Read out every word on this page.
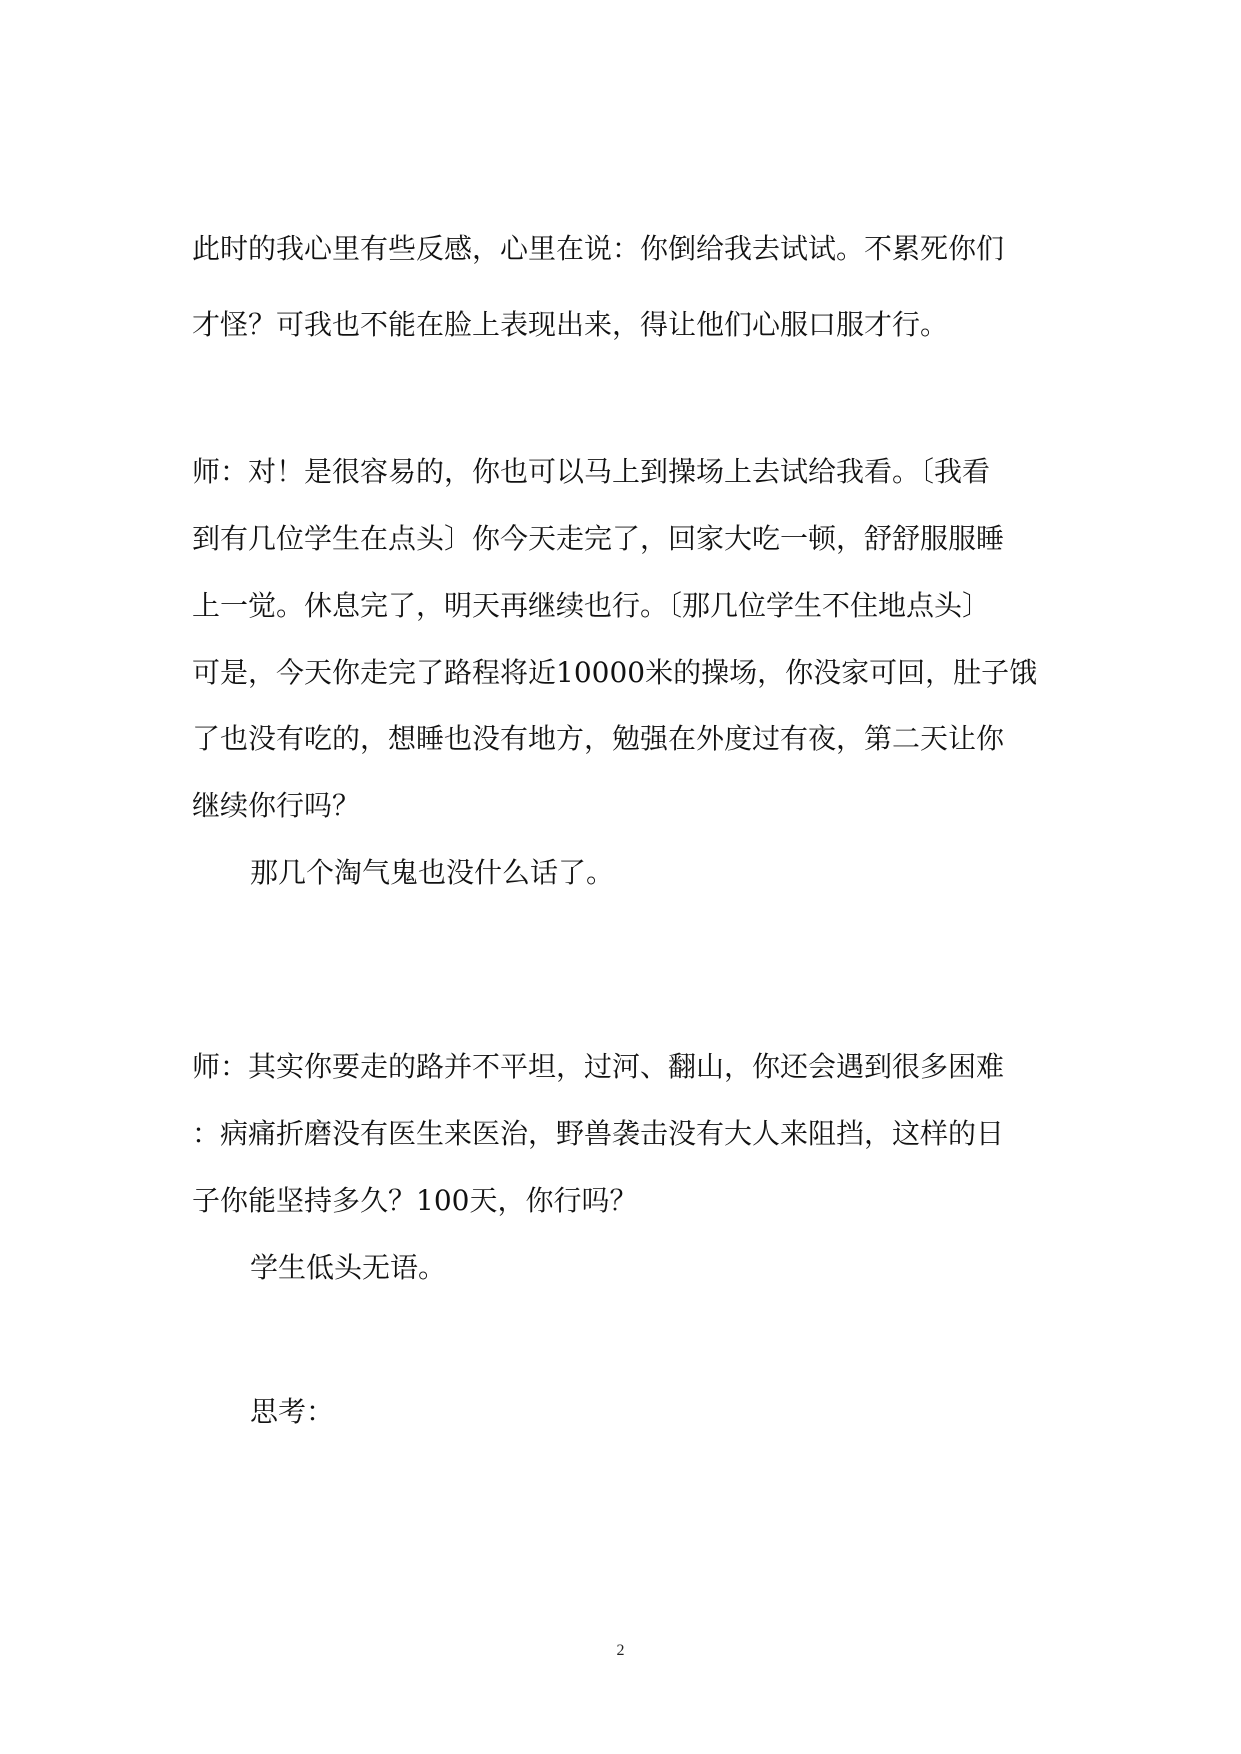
此时的我心里有些反感，心里在说：你倒给我去试试。不累死你们

才怪？可我也不能在脸上表现出来，得让他们心服口服才行。

师：对！是很容易的，你也可以马上到操场上去试给我看。〔我看

到有几位学生在点头〕你今天走完了，回家大吃一顿，舒舒服服睡

上一觉。休息完了，明天再继续也行。〔那几位学生不住地点头〕

可是，今天你走完了路程将近10000米的操场，你没家可回，肚子饿

了也没有吃的，想睡也没有地方，勉强在外度过有夜，第二天让你

继续你行吗？

那几个淘气鬼也没什么话了。

师：其实你要走的路并不平坦，过河、翻山，你还会遇到很多困难

：病痛折磨没有医生来医治，野兽袭击没有大人来阻挡，这样的日

子你能坚持多久？100天，你行吗？

学生低头无语。

思考：

2
